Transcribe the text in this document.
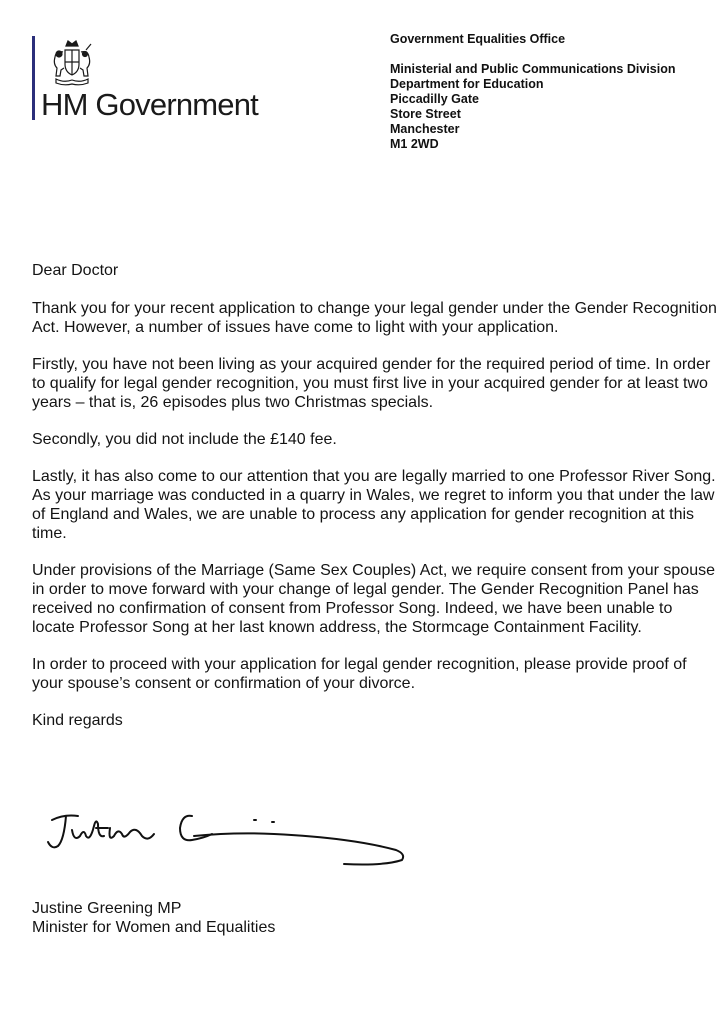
HM Government
Government Equalities Office
Ministerial and Public Communications Division
Department for Education
Piccadilly Gate
Store Street
Manchester
M1 2WD

Dear Doctor

Thank you for your recent application to change your legal gender under the Gender Recognition Act. However, a number of issues have come to light with your application.

Firstly, you have not been living as your acquired gender for the required period of time. In order to qualify for legal gender recognition, you must first live in your acquired gender for at least two years – that is, 26 episodes plus two Christmas specials.

Secondly, you did not include the £140 fee.

Lastly, it has also come to our attention that you are legally married to one Professor River Song. As your marriage was conducted in a quarry in Wales, we regret to inform you that under the law of England and Wales, we are unable to process any application for gender recognition at this time.

Under provisions of the Marriage (Same Sex Couples) Act, we require consent from your spouse in order to move forward with your change of legal gender. The Gender Recognition Panel has received no confirmation of consent from Professor Song. Indeed, we have been unable to locate Professor Song at her last known address, the Stormcage Containment Facility.

In order to proceed with your application for legal gender recognition, please provide proof of your spouse’s consent or confirmation of your divorce.

Kind regards

Justine Greening MP
Minister for Women and Equalities
